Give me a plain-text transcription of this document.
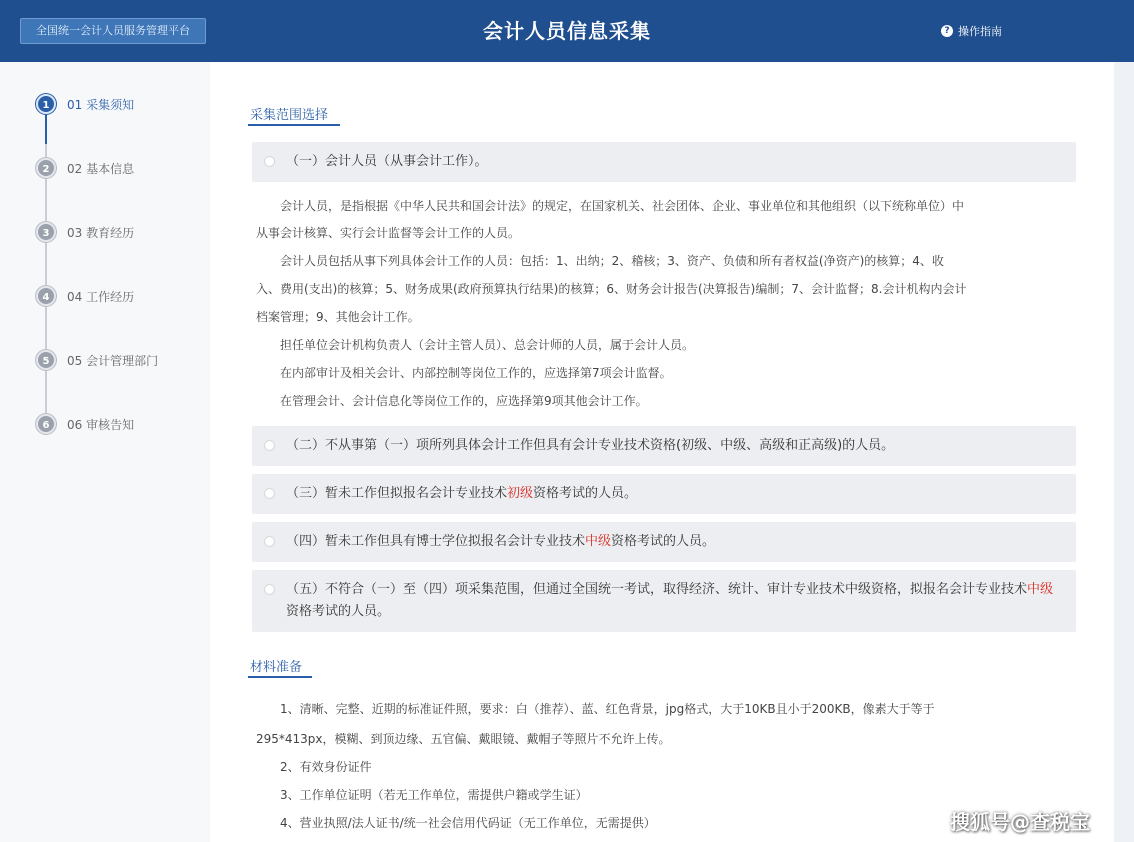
全国统一会计人员服务管理平台	会计人员信息采集	? 操作指南
1	01 采集须知
2	02 基本信息
3	03 教育经历
4	04 工作经历
5	05 会计管理部门
6	06 审核告知
采集范围选择
（一）会计人员（从事会计工作）。
会计人员，是指根据《中华人民共和国会计法》的规定，在国家机关、社会团体、企业、事业单位和其他组织（以下统称单位）中
从事会计核算、实行会计监督等会计工作的人员。
会计人员包括从事下列具体会计工作的人员：包括：1、出纳；2、稽核；3、资产、负债和所有者权益(净资产)的核算；4、收
入、费用(支出)的核算；5、财务成果(政府预算执行结果)的核算；6、财务会计报告(决算报告)编制；7、会计监督；8.会计机构内会计
档案管理；9、其他会计工作。
担任单位会计机构负责人（会计主管人员）、总会计师的人员，属于会计人员。
在内部审计及相关会计、内部控制等岗位工作的，应选择第7项会计监督。
在管理会计、会计信息化等岗位工作的，应选择第9项其他会计工作。
（二）不从事第（一）项所列具体会计工作但具有会计专业技术资格(初级、中级、高级和正高级)的人员。
（三）暂未工作但拟报名会计专业技术初级资格考试的人员。
（四）暂未工作但具有博士学位拟报名会计专业技术中级资格考试的人员。
（五）不符合（一）至（四）项采集范围，但通过全国统一考试，取得经济、统计、审计专业技术中级资格，拟报名会计专业技术中级资格考试的人员。
材料准备
1、清晰、完整、近期的标准证件照，要求：白（推荐）、蓝、红色背景，jpg格式，大于10KB且小于200KB，像素大于等于
295*413px，模糊、到顶边缘、五官偏、戴眼镜、戴帽子等照片不允许上传。
2、有效身份证件
3、工作单位证明（若无工作单位，需提供户籍或学生证）
4、营业执照/法人证书/统一社会信用代码证（无工作单位，无需提供）	搜狐号@查税宝
